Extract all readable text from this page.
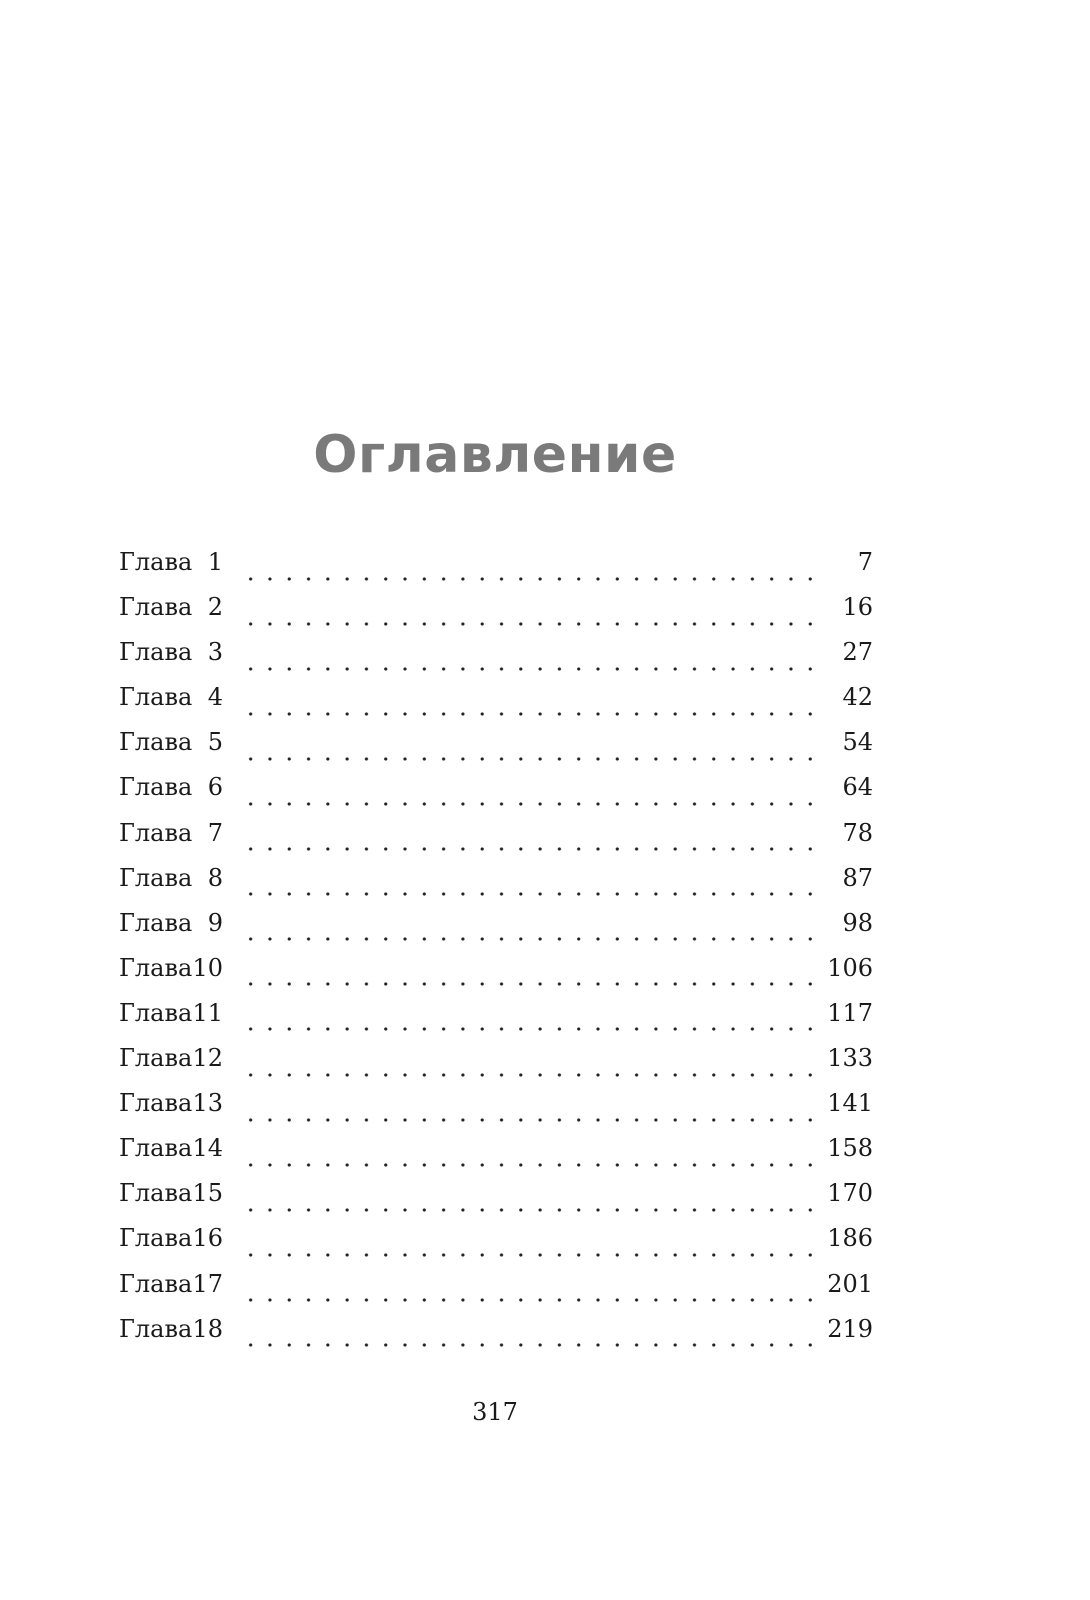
Оглавление
Глава 1	7
Глава 2	16
Глава 3	27
Глава 4	42
Глава 5	54
Глава 6	64
Глава 7	78
Глава 8	87
Глава 9	98
Глава 10	106
Глава 11	117
Глава 12	133
Глава 13	141
Глава 14	158
Глава 15	170
Глава 16	186
Глава 17	201
Глава 18	219
317
